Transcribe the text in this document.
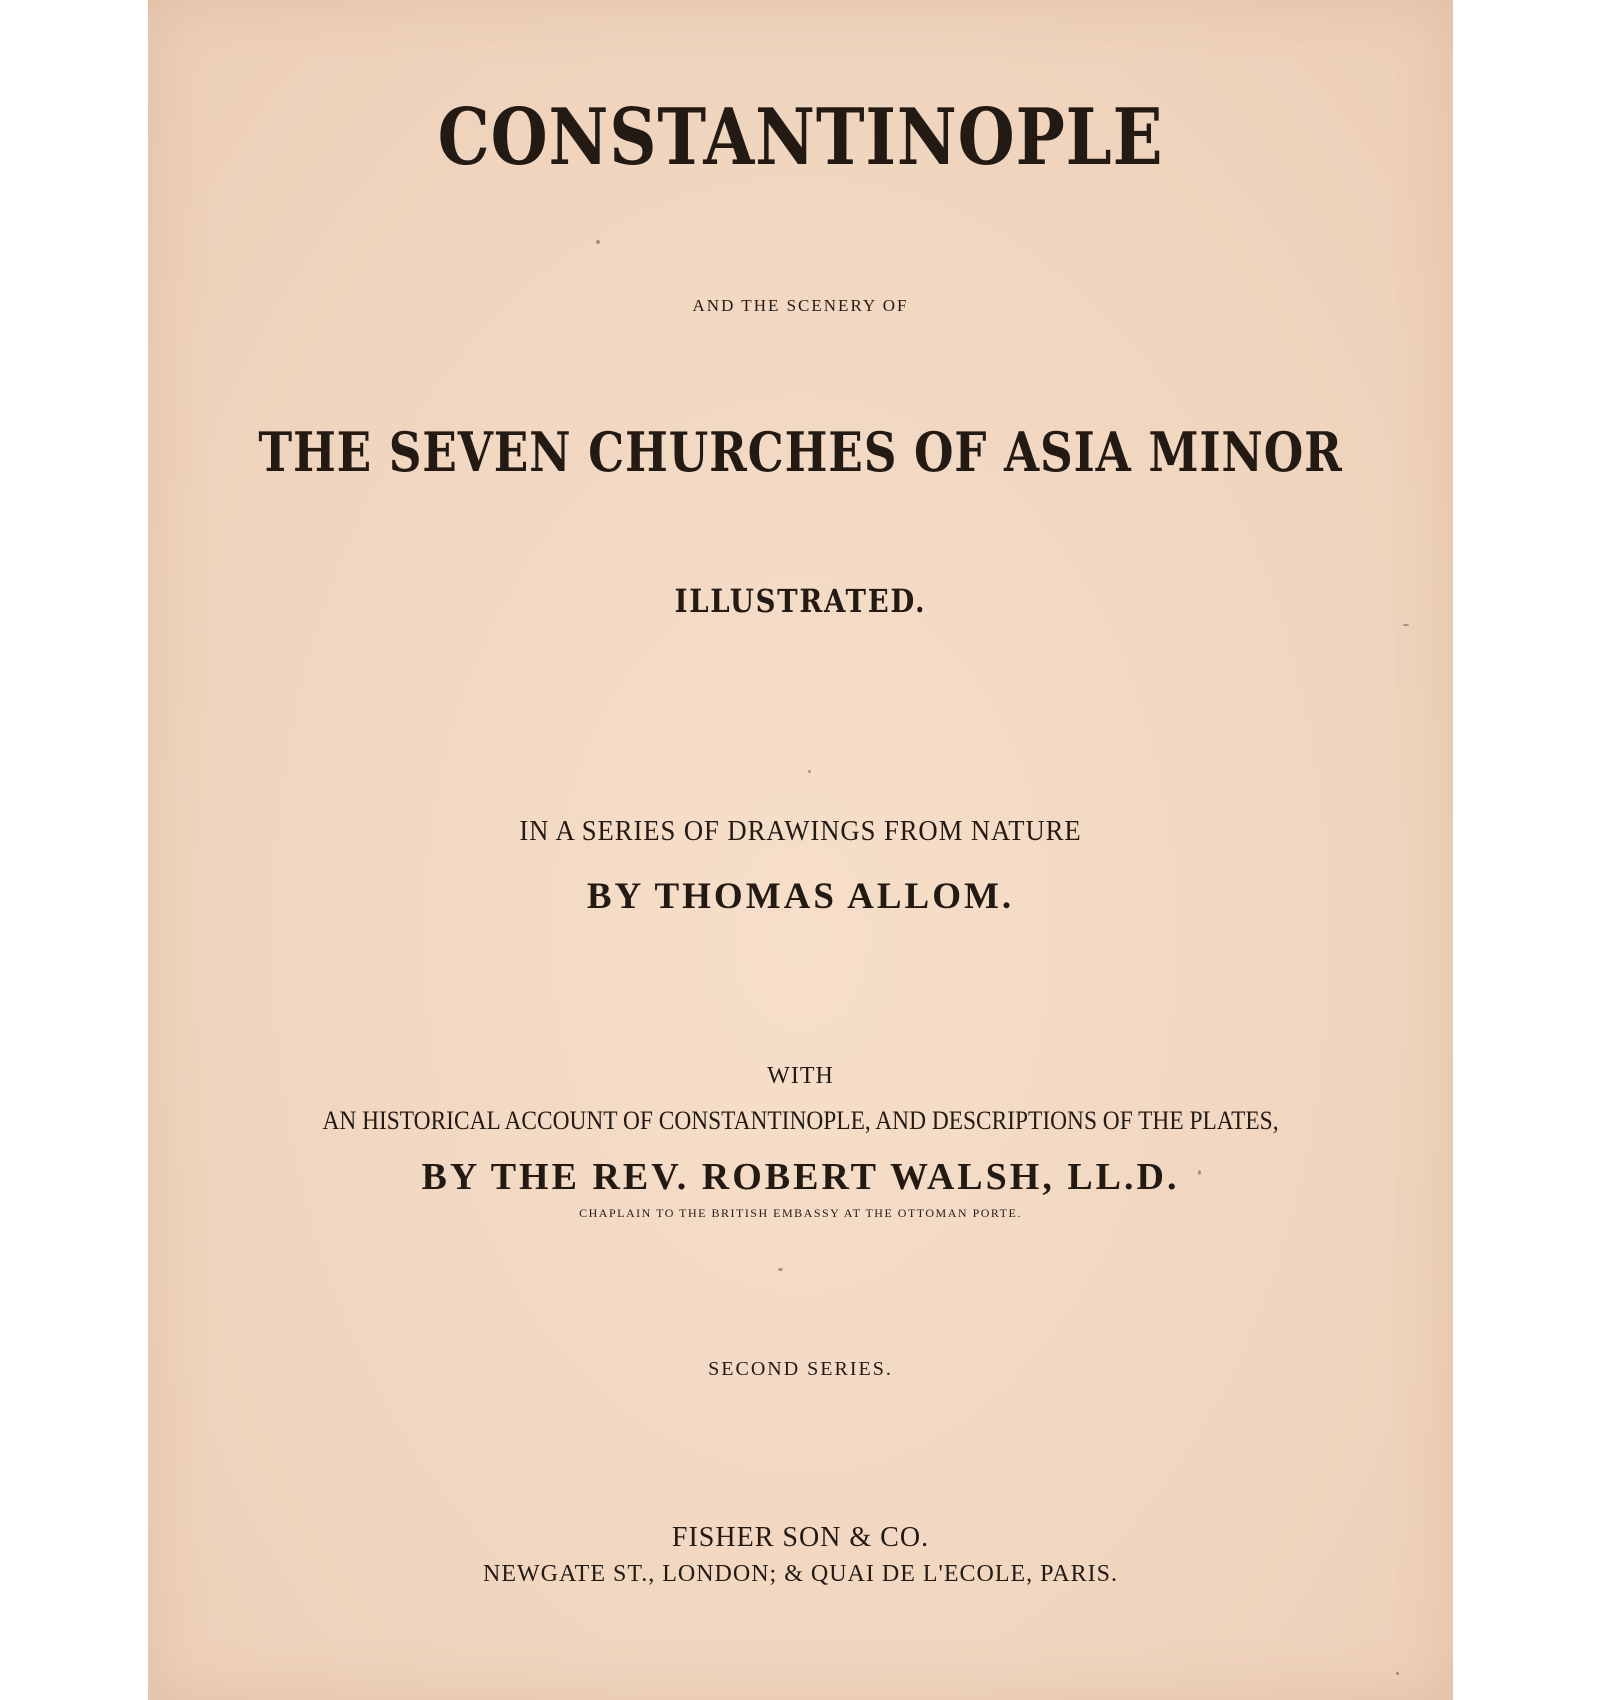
CONSTANTINOPLE
AND THE SCENERY OF
THE SEVEN CHURCHES OF ASIA MINOR
ILLUSTRATED.
IN A SERIES OF DRAWINGS FROM NATURE
BY THOMAS ALLOM.
WITH
AN HISTORICAL ACCOUNT OF CONSTANTINOPLE, AND DESCRIPTIONS OF THE PLATES,
BY THE REV. ROBERT WALSH, LL.D.
CHAPLAIN TO THE BRITISH EMBASSY AT THE OTTOMAN PORTE.
SECOND SERIES.
FISHER SON & CO.
NEWGATE ST., LONDON; & QUAI DE L'ECOLE, PARIS.
